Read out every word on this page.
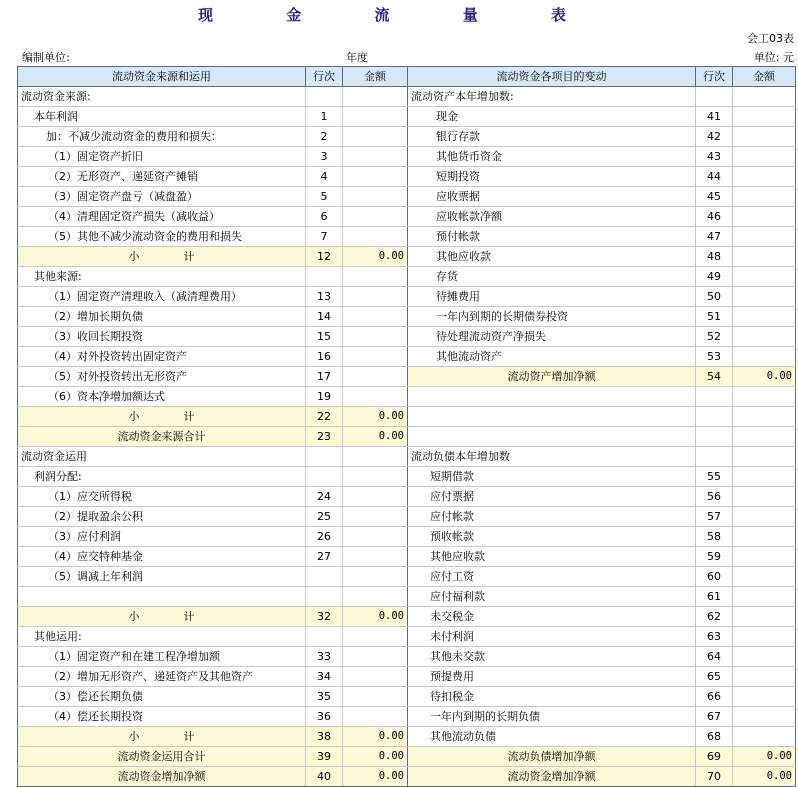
现 金 流 量 表
会工03表
编制单位:	年度	单位: 元
流动资金来源和运用	行次	金额	流动资金各项目的变动	行次	金额
流动资金来源:			流动资产本年增加数:		
本年利润	1		现金	41	
加：不减少流动资金的费用和损失：	2		银行存款	42	
（1）固定资产折旧	3		其他货币资金	43	
（2）无形资产、递延资产摊销	4		短期投资	44	
（3）固定资产盘亏（减盘盈）	5		应收票据	45	
（4）清理固定资产损失（减收益）	6		应收帐款净额	46	
（5）其他不减少流动资金的费用和损失	7		预付帐款	47	
小　　　　计	12	0.00	其他应收款	48	
其他来源:			存货	49	
（1）固定资产清理收入（减清理费用）	13		待摊费用	50	
（2）增加长期负债	14		一年内到期的长期债券投资	51	
（3）收回长期投资	15		待处理流动资产净损失	52	
（4）对外投资转出固定资产	16		其他流动资产	53	
（5）对外投资转出无形资产	17		流动资产增加净额	54	0.00
（6）资本净增加额达式	19				
小　　　　计	22	0.00			
流动资金来源合计	23	0.00			
流动资金运用			流动负债本年增加数		
利润分配:			短期借款	55	
（1）应交所得税	24		应付票据	56	
（2）提取盈余公积	25		应付帐款	57	
（3）应付利润	26		预收帐款	58	
（4）应交特种基金	27		其他应收款	59	
（5）调减上年利润			应付工资	60	
			应付福利款	61	
小　　　　计	32	0.00	未交税金	62	
其他运用:			未付利润	63	
（1）固定资产和在建工程净增加额	33		其他未交款	64	
（2）增加无形资产、递延资产及其他资产	34		预提费用	65	
（3）偿还长期负债	35		待扣税金	66	
（4）偿还长期投资	36		一年内到期的长期负债	67	
小　　　　计	38	0.00	其他流动负债	68	
流动资金运用合计	39	0.00	流动负债增加净额	69	0.00
流动资金增加净额	40	0.00	流动资金增加净额	70	0.00
